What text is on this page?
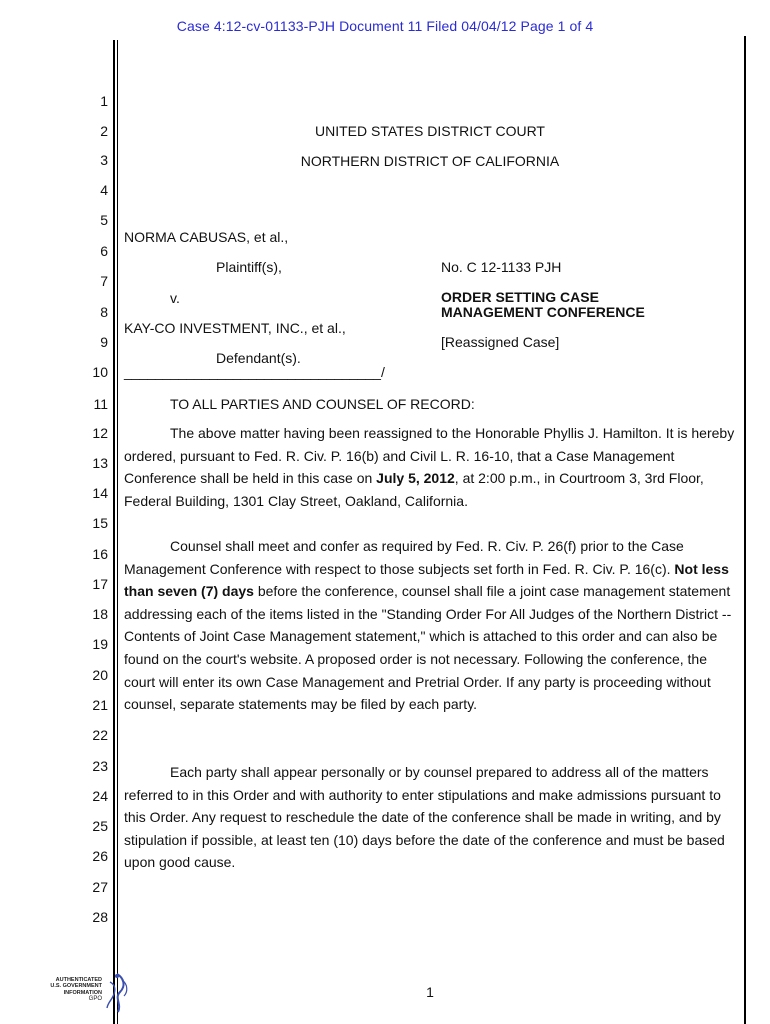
Case 4:12-cv-01133-PJH Document 11 Filed 04/04/12 Page 1 of 4
1
2
3
4
5
6
7
8
9
10
11
12
13
14
15
16
17
18
19
20
21
22
23
24
25
26
27
28
UNITED STATES DISTRICT COURT
NORTHERN DISTRICT OF CALIFORNIA
NORMA CABUSAS, et al.,
Plaintiff(s),
v.
KAY-CO INVESTMENT, INC., et al.,
Defendant(s).
_________________________________/
No. C 12-1133 PJH
ORDER SETTING CASE
MANAGEMENT CONFERENCE
[Reassigned Case]
TO ALL PARTIES AND COUNSEL OF RECORD:

The above matter having been reassigned to the Honorable Phyllis J. Hamilton. It is hereby ordered, pursuant to Fed. R. Civ. P. 16(b) and Civil L. R. 16-10, that a Case Management Conference shall be held in this case on July 5, 2012, at 2:00 p.m., in Courtroom 3, 3rd Floor, Federal Building, 1301 Clay Street, Oakland, California.

Counsel shall meet and confer as required by Fed. R. Civ. P. 26(f) prior to the Case Management Conference with respect to those subjects set forth in Fed. R. Civ. P. 16(c). Not less than seven (7) days before the conference, counsel shall file a joint case management statement addressing each of the items listed in the "Standing Order For All Judges of the Northern District -- Contents of Joint Case Management statement," which is attached to this order and can also be found on the court's website. A proposed order is not necessary. Following the conference, the court will enter its own Case Management and Pretrial Order. If any party is proceeding without counsel, separate statements may be filed by each party.

Each party shall appear personally or by counsel prepared to address all of the matters referred to in this Order and with authority to enter stipulations and make admissions pursuant to this Order. Any request to reschedule the date of the conference shall be made in writing, and by stipulation if possible, at least ten (10) days before the date of the conference and must be based upon good cause.

AUTHENTICATED
U.S. GOVERNMENT
INFORMATION
GPO	1
